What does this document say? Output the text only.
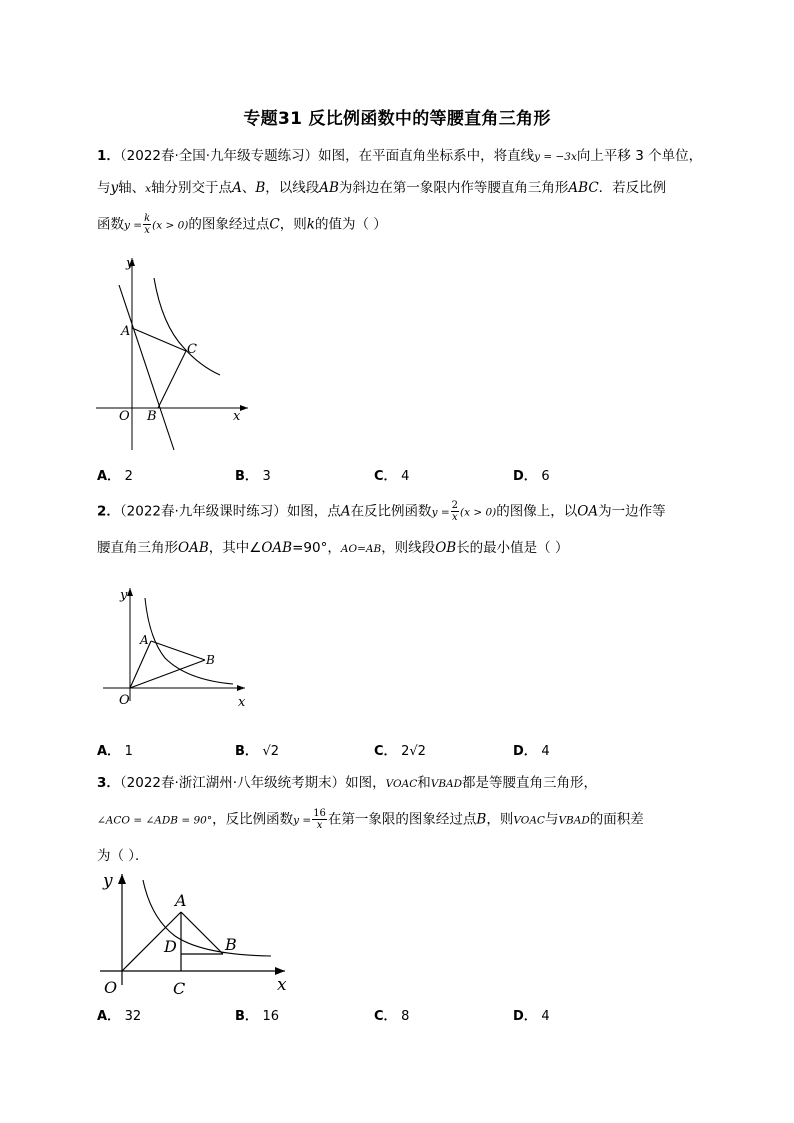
专题31 反比例函数中的等腰直角三角形
1．（2022春·全国·九年级专题练习）如图，在平面直角坐标系中，将直线y = −3x向上平移 3 个单位，
与y轴、x轴分别交于点A、B，以线段AB为斜边在第一象限内作等腰直角三角形ABC．若反比例
函数$y = \frac{k}{x} (x > 0)$的图象经过点C，则k的值为（ ）
y
x
A
B
C
O
A． 2	B． 3	C． 4	D． 6
2．（2022春·九年级课时练习）如图，点A在反比例函数$y = \frac{2}{x} (x > 0)$的图像上，以OA为一边作等
腰直角三角形OAB，其中∠OAB=90°，AO=AB，则线段OB长的最小值是（ ）
y
x
A
B
O
A． 1	B． √2	C． 2√2	D． 4
3．（2022春·浙江湖州·八年级统考期末）如图，VOAC和VBAD都是等腰直角三角形，
∠ACO = ∠ADB = 90°，反比例函数$y = \frac{16}{x}$ 在第一象限的图象经过点B，则VOAC与VBAD的面积差
为（ ）．
y
x
A
B
C
D
O
A． 32	B． 16	C． 8	D． 4
